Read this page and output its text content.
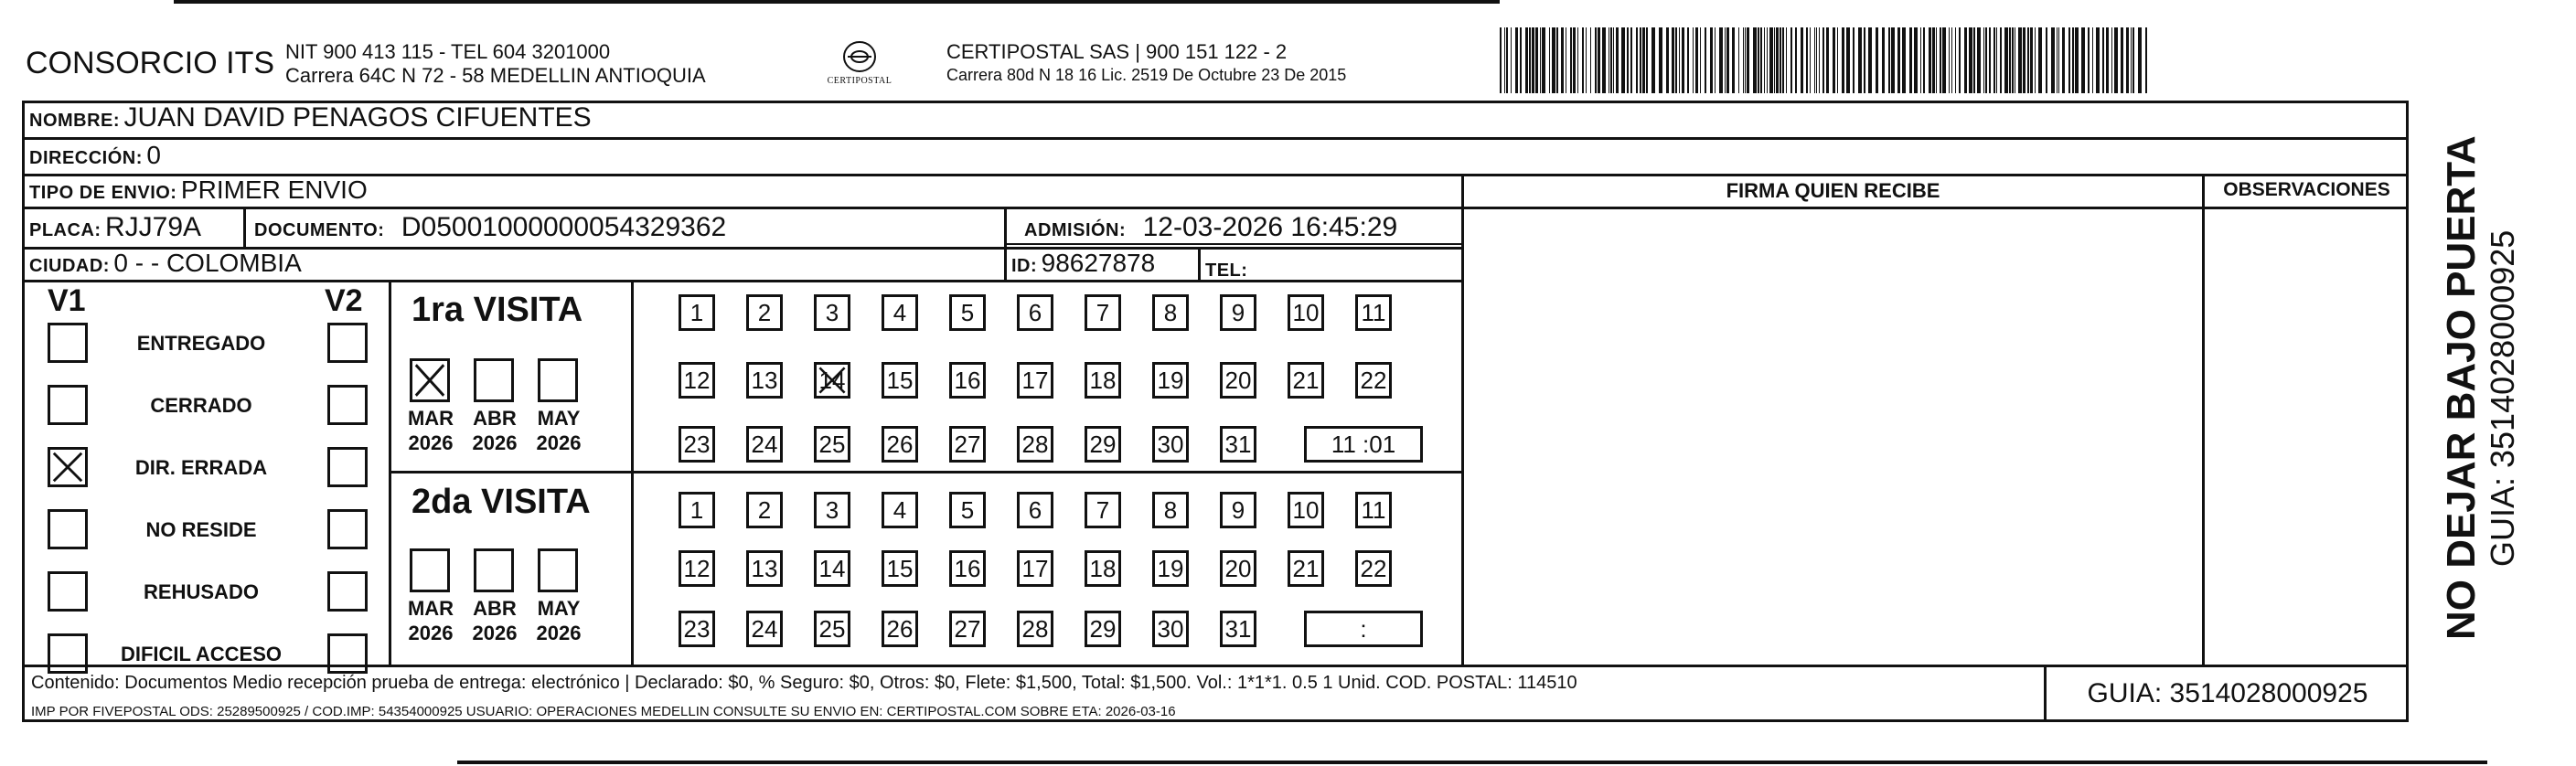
CONSORCIO ITS NIT 900 413 115 - TEL 604 3201000
Carrera 64C N 72 - 58 MEDELLIN ANTIOQUIA	CERTIPOSTAL
CERTIPOSTAL SAS | 900 151 122 - 2
Carrera 80d N 18 16 Lic. 2519 De Octubre 23 De 2015
NOMBRE: JUAN DAVID PENAGOS CIFUENTES
DIRECCIÓN: 0
TIPO DE ENVIO: PRIMER ENVIO	FIRMA QUIEN RECIBE	OBSERVACIONES
PLACA: RJJ79A	DOCUMENTO: D05001000000054329362	ADMISIÓN: 12-03-2026 16:45:29
CIUDAD: 0 - - COLOMBIA	ID: 98627878	TEL:
V1	V2
ENTREGADO
CERRADO
DIR. ERRADA
NO RESIDE
REHUSADO
DIFICIL ACCESO
1ra VISITA
2da VISITA
MAR
2026
ABR
2026
MAY
2026
MAR
2026
ABR
2026
MAY
2026
1	2	3	4	5	6	7	8	9	10 11
12 13 14 15 16 17 18 19 20 21 22
23 24 25 26 27 28 29 30 31	11 :01
1	2	3	4	5	6	7	8	9	10 11
12 13 14 15 16 17 18 19 20 21 22
23 24 25 26 27 28 29 30 31	:
Contenido: Documentos Medio recepción prueba de entrega: electrónico | Declarado: $0, % Seguro: $0, Otros: $0, Flete: $1,500, Total: $1,500. Vol.: 1*1*1. 0.5 1 Unid. COD. POSTAL: 114510
IMP POR FIVEPOSTAL ODS: 25289500925 / COD.IMP: 54354000925 USUARIO: OPERACIONES MEDELLIN CONSULTE SU ENVIO EN: CERTIPOSTAL.COM SOBRE ETA: 2026-03-16
GUIA: 3514028000925
NO DEJAR BAJO PUERTA GUIA: 3514028000925
